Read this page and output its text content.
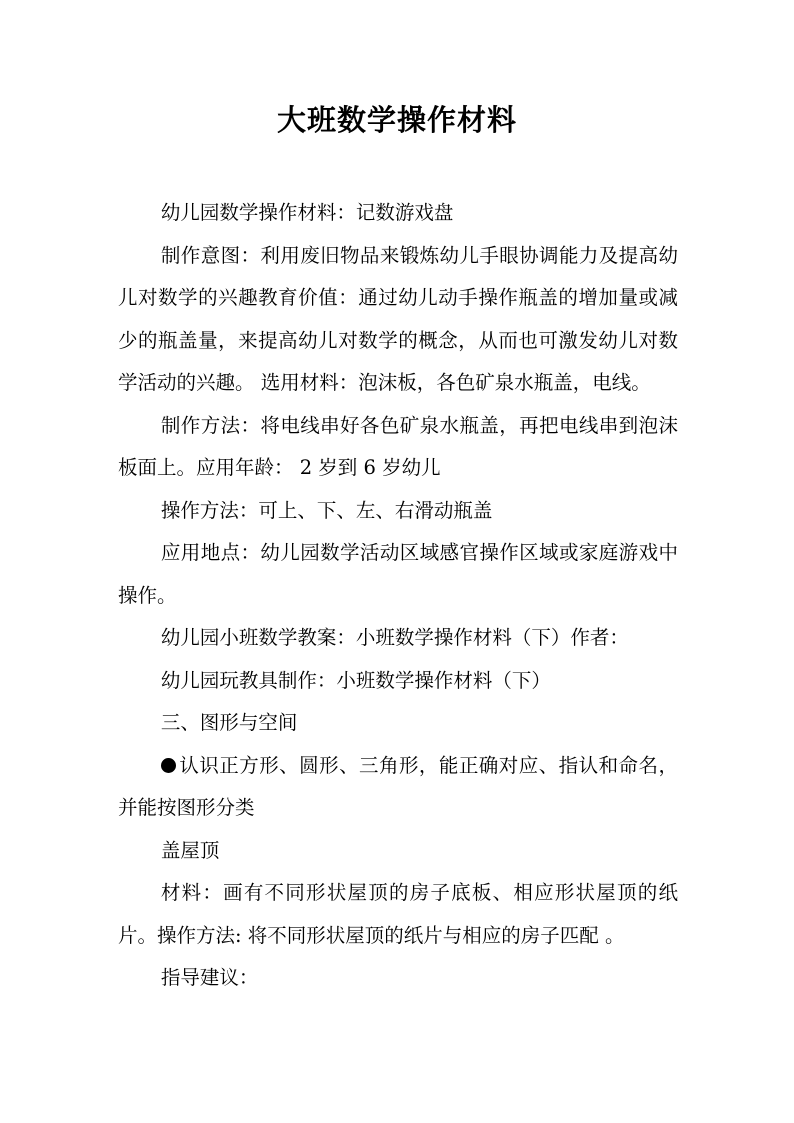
大班数学操作材料

幼儿园数学操作材料：记数游戏盘

制作意图：利用废旧物品来锻炼幼儿手眼协调能力及提高幼儿对数学的兴趣教育价值：通过幼儿动手操作瓶盖的增加量或减少的瓶盖量，来提高幼儿对数学的概念，从而也可激发幼儿对数学活动的兴趣。 选用材料：泡沫板，各色矿泉水瓶盖，电线。

制作方法：将电线串好各色矿泉水瓶盖，再把电线串到泡沫板面上。应用年龄： 2 岁到 6 岁幼儿

操作方法：可上、下、左、右滑动瓶盖

应用地点：幼儿园数学活动区域感官操作区域或家庭游戏中操作。

幼儿园小班数学教案：小班数学操作材料（下）作者：

幼儿园玩教具制作：小班数学操作材料（下）

三、图形与空间

认识正方形、圆形、三角形，能正确对应、指认和命名，并能按图形分类

盖屋顶

材料：画有不同形状屋顶的房子底板、相应形状屋顶的纸片。操作方法: 将不同形状屋顶的纸片与相应的房子匹配 。

指导建议：
